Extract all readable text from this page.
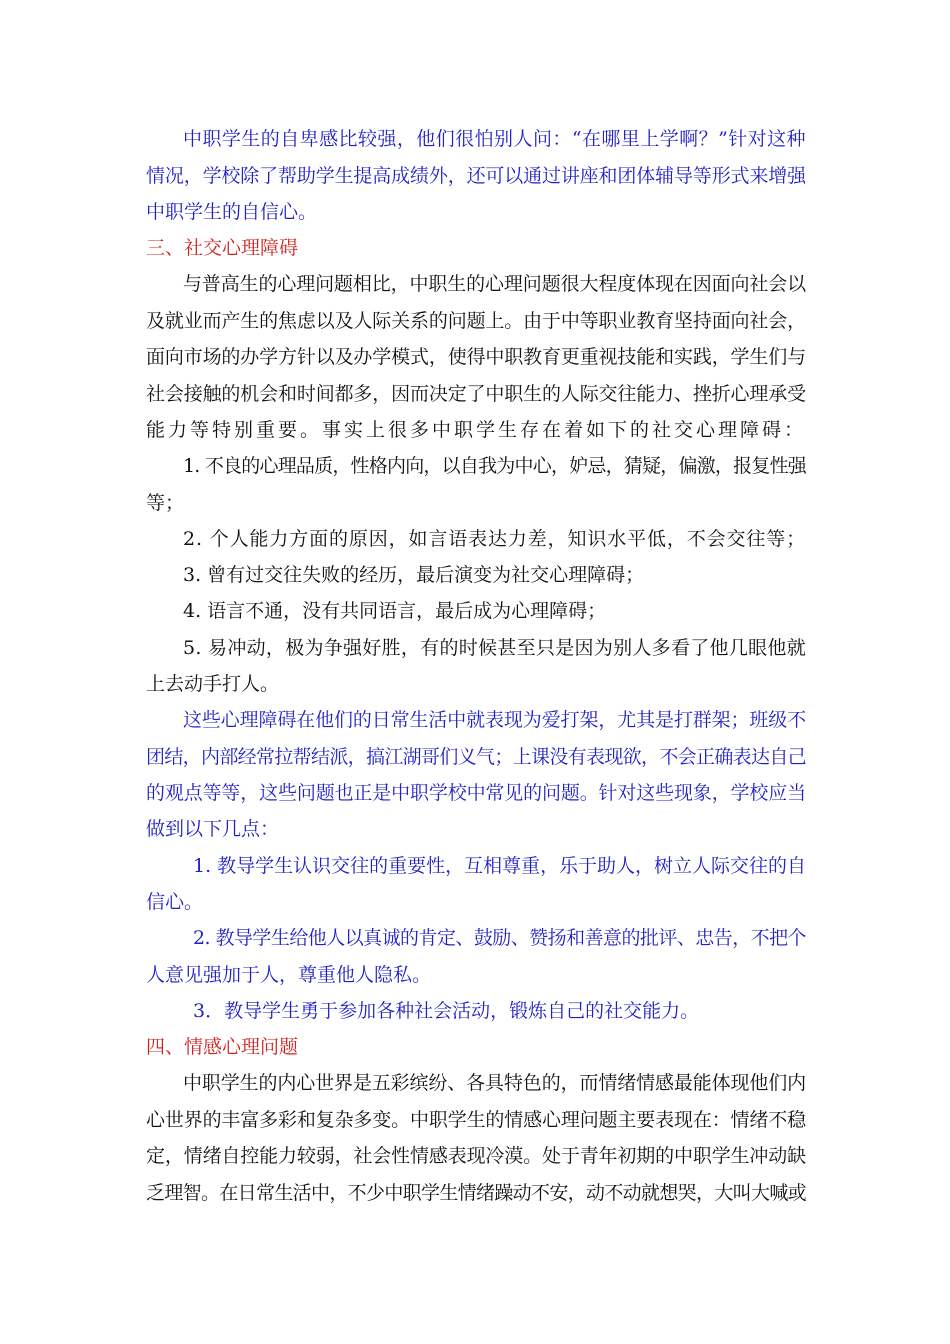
中职学生的自卑感比较强，他们很怕别人问：“在哪里上学啊？”针对这种
情况，学校除了帮助学生提高成绩外，还可以通过讲座和团体辅导等形式来增强
中职学生的自信心。
三、社交心理障碍
与普高生的心理问题相比，中职生的心理问题很大程度体现在因面向社会以
及就业而产生的焦虑以及人际关系的问题上。由于中等职业教育坚持面向社会，
面向市场的办学方针以及办学模式，使得中职教育更重视技能和实践，学生们与
社会接触的机会和时间都多，因而决定了中职生的人际交往能力、挫折心理承受
能力等特别重要。事实上很多中职学生存在着如下的社交心理障碍：
1. 不良的心理品质，性格内向，以自我为中心，妒忌，猜疑，偏激，报复性强
等；
2. 个人能力方面的原因，如言语表达力差，知识水平低，不会交往等；
3. 曾有过交往失败的经历，最后演变为社交心理障碍；
4. 语言不通，没有共同语言，最后成为心理障碍；
5. 易冲动，极为争强好胜，有的时候甚至只是因为别人多看了他几眼他就
上去动手打人。
这些心理障碍在他们的日常生活中就表现为爱打架，尤其是打群架；班级不
团结，内部经常拉帮结派，搞江湖哥们义气；上课没有表现欲，不会正确表达自己
的观点等等，这些问题也正是中职学校中常见的问题。针对这些现象，学校应当
做到以下几点：
1. 教导学生认识交往的重要性，互相尊重，乐于助人，树立人际交往的自
信心。
2. 教导学生给他人以真诚的肯定、鼓励、赞扬和善意的批评、忠告，不把个
人意见强加于人，尊重他人隐私。
3．教导学生勇于参加各种社会活动，锻炼自己的社交能力。
四、情感心理问题
中职学生的内心世界是五彩缤纷、各具特色的，而情绪情感最能体现他们内
心世界的丰富多彩和复杂多变。中职学生的情感心理问题主要表现在：情绪不稳
定，情绪自控能力较弱，社会性情感表现冷漠。处于青年初期的中职学生冲动缺
乏理智。在日常生活中，不少中职学生情绪躁动不安，动不动就想哭，大叫大喊或
